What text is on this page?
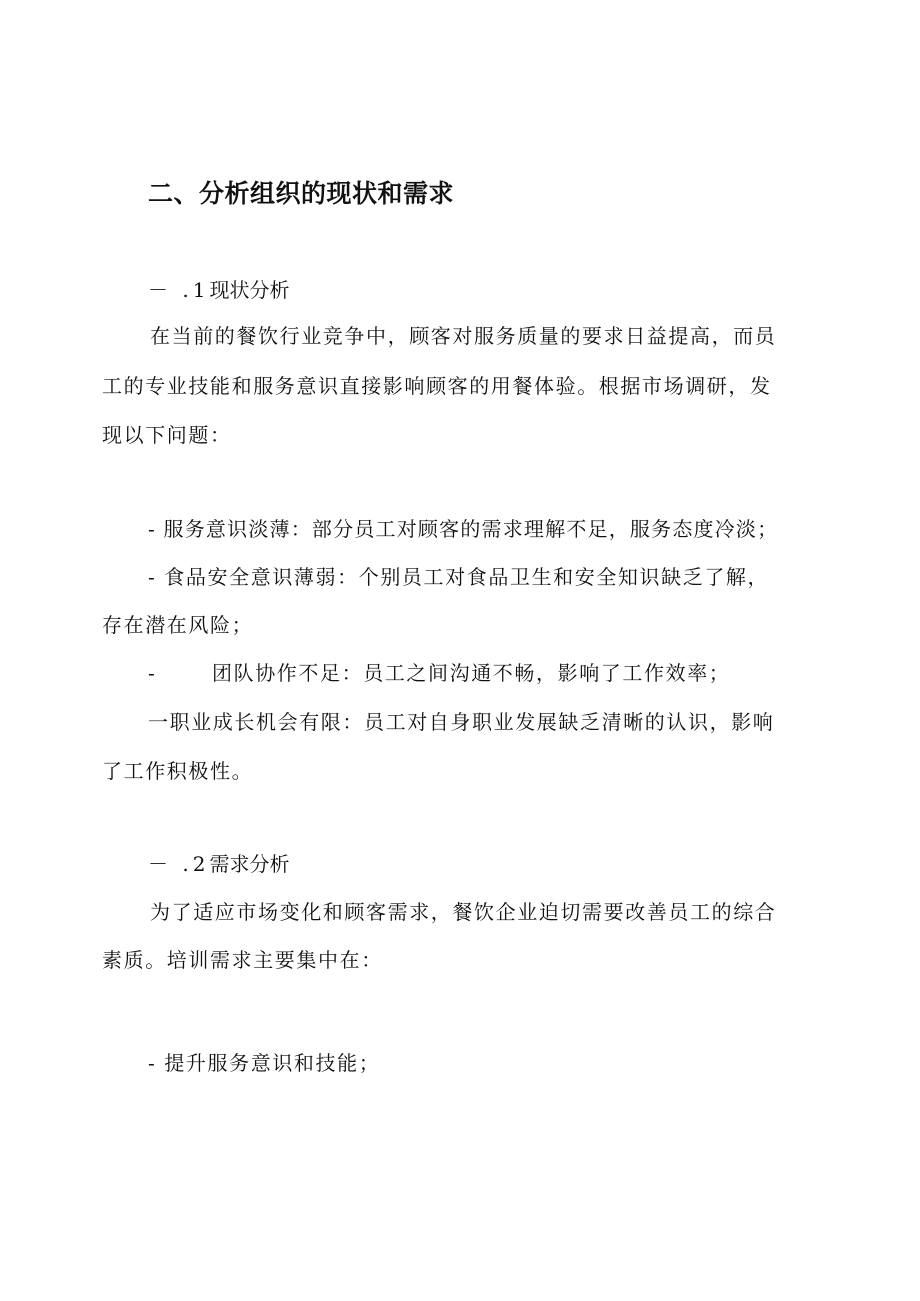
二、分析组织的现状和需求
－ .1现状分析
在当前的餐饮行业竞争中，顾客对服务质量的要求日益提高，而员
工的专业技能和服务意识直接影响顾客的用餐体验。根据市场调研，发
现以下问题：
- 服务意识淡薄：部分员工对顾客的需求理解不足，服务态度冷淡；
- 食品安全意识薄弱：个别员工对食品卫生和安全知识缺乏了解，
存在潜在风险；
-	团队协作不足：员工之间沟通不畅，影响了工作效率；
一职业成长机会有限：员工对自身职业发展缺乏清晰的认识，影响
了工作积极性。
－ .2需求分析
为了适应市场变化和顾客需求，餐饮企业迫切需要改善员工的综合
素质。培训需求主要集中在：
- 提升服务意识和技能；
